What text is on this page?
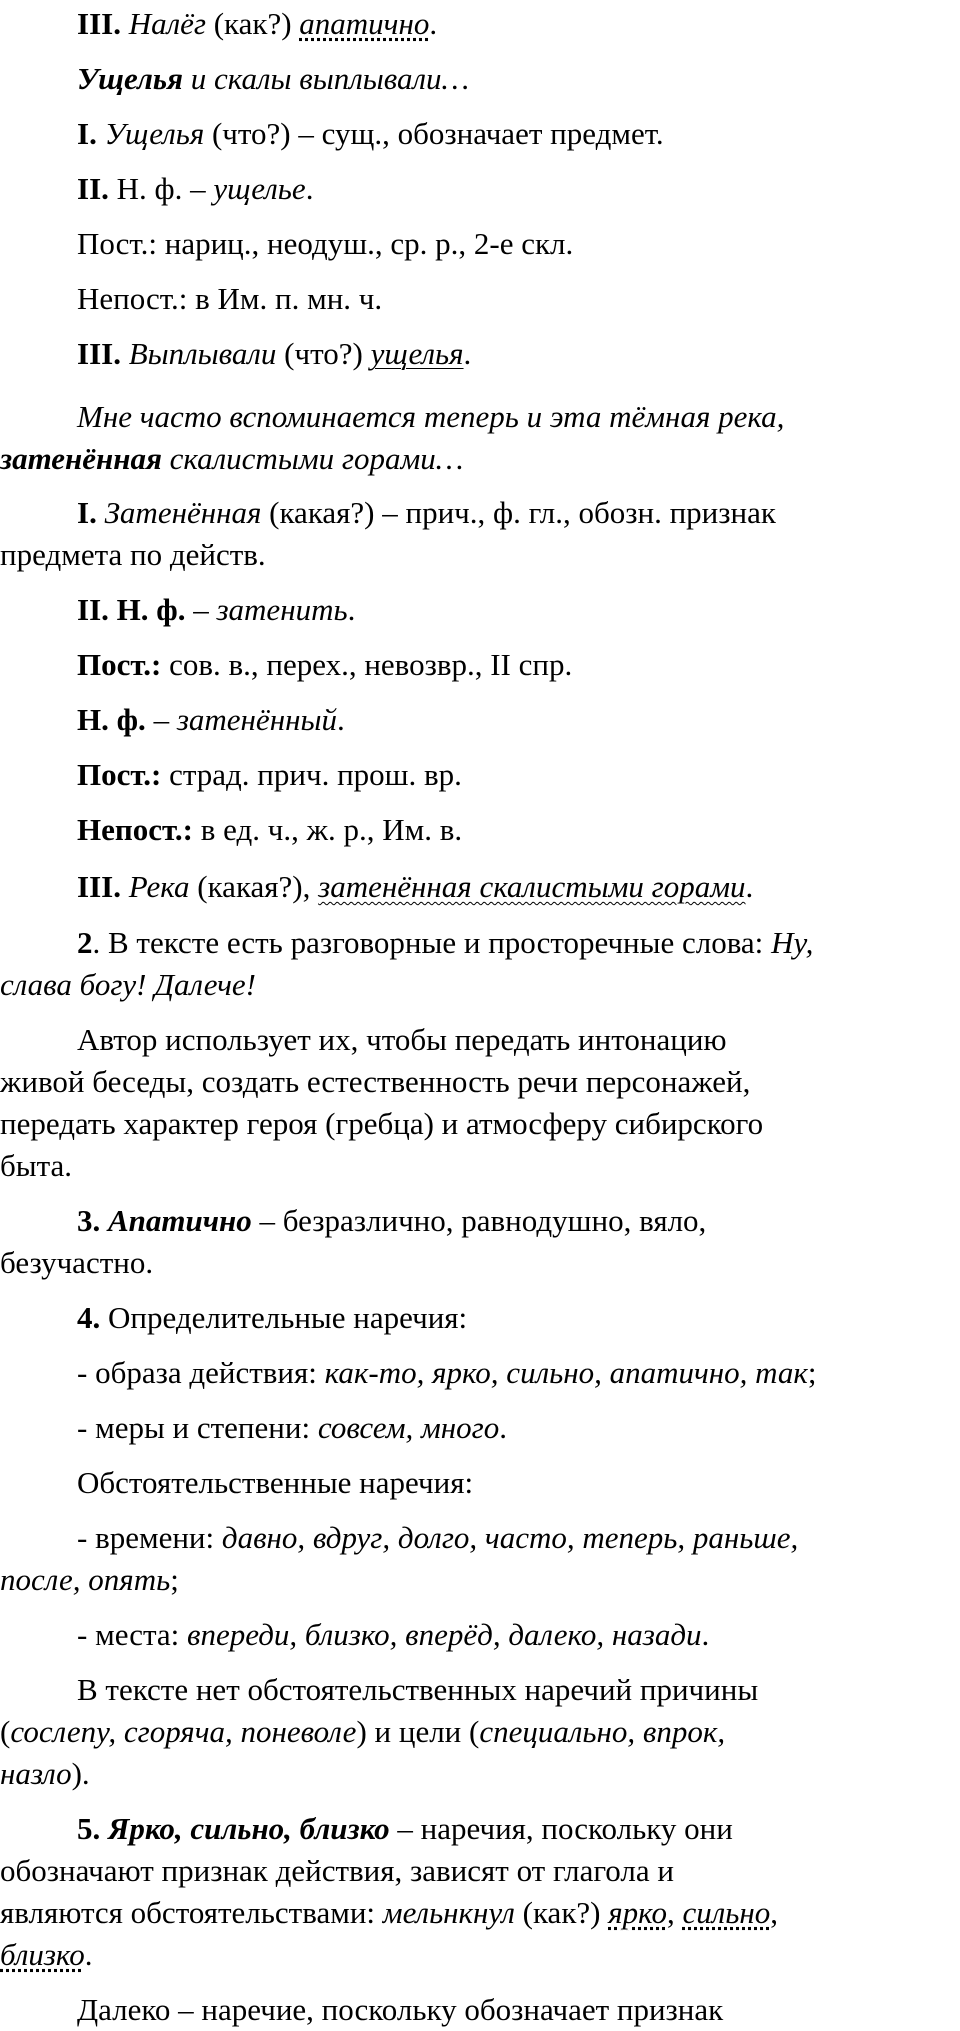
III. Налёг (как?) апатично.
Ущелья и скалы выплывали…
I. Ущелья (что?) – сущ., обозначает предмет.
II. Н. ф. – ущелье.
Пост.: нариц., неодуш., ср. р., 2-е скл.
Непост.: в Им. п. мн. ч.
III. Выплывали (что?) ущелья.
Мне часто вспоминается теперь и эта тёмная река,
затенённая скалистыми горами…
I. Затенённая (какая?) – прич., ф. гл., обозн. признак
предмета по действ.
II. Н. ф. – затенить.
Пост.: сов. в., перех., невозвр., II спр.
Н. ф. – затенённый.
Пост.: страд. прич. прош. вр.
Непост.: в ед. ч., ж. р., Им. в.
III. Река (какая?), затенённая скалистыми горами.
2. В тексте есть разговорные и просторечные слова: Ну,
слава богу! Далече!
Автор использует их, чтобы передать интонацию
живой беседы, создать естественность речи персонажей,
передать характер героя (гребца) и атмосферу сибирского
быта.
3. Апатично – безразлично, равнодушно, вяло,
безучастно.
4. Определительные наречия:
- образа действия: как-то, ярко, сильно, апатично, так;
- меры и степени: совсем, много.
Обстоятельственные наречия:
- времени: давно, вдруг, долго, часто, теперь, раньше,
после, опять;
- места: впереди, близко, вперёд, далеко, назади.
В тексте нет обстоятельственных наречий причины
(сослепу, сгоряча, поневоле) и цели (специально, впрок,
назло).
5. Ярко, сильно, близко – наречия, поскольку они
обозначают признак действия, зависят от глагола и
являются обстоятельствами: мельнкнул (как?) ярко, сильно,
близко.
Далеко – наречие, поскольку обозначает признак
